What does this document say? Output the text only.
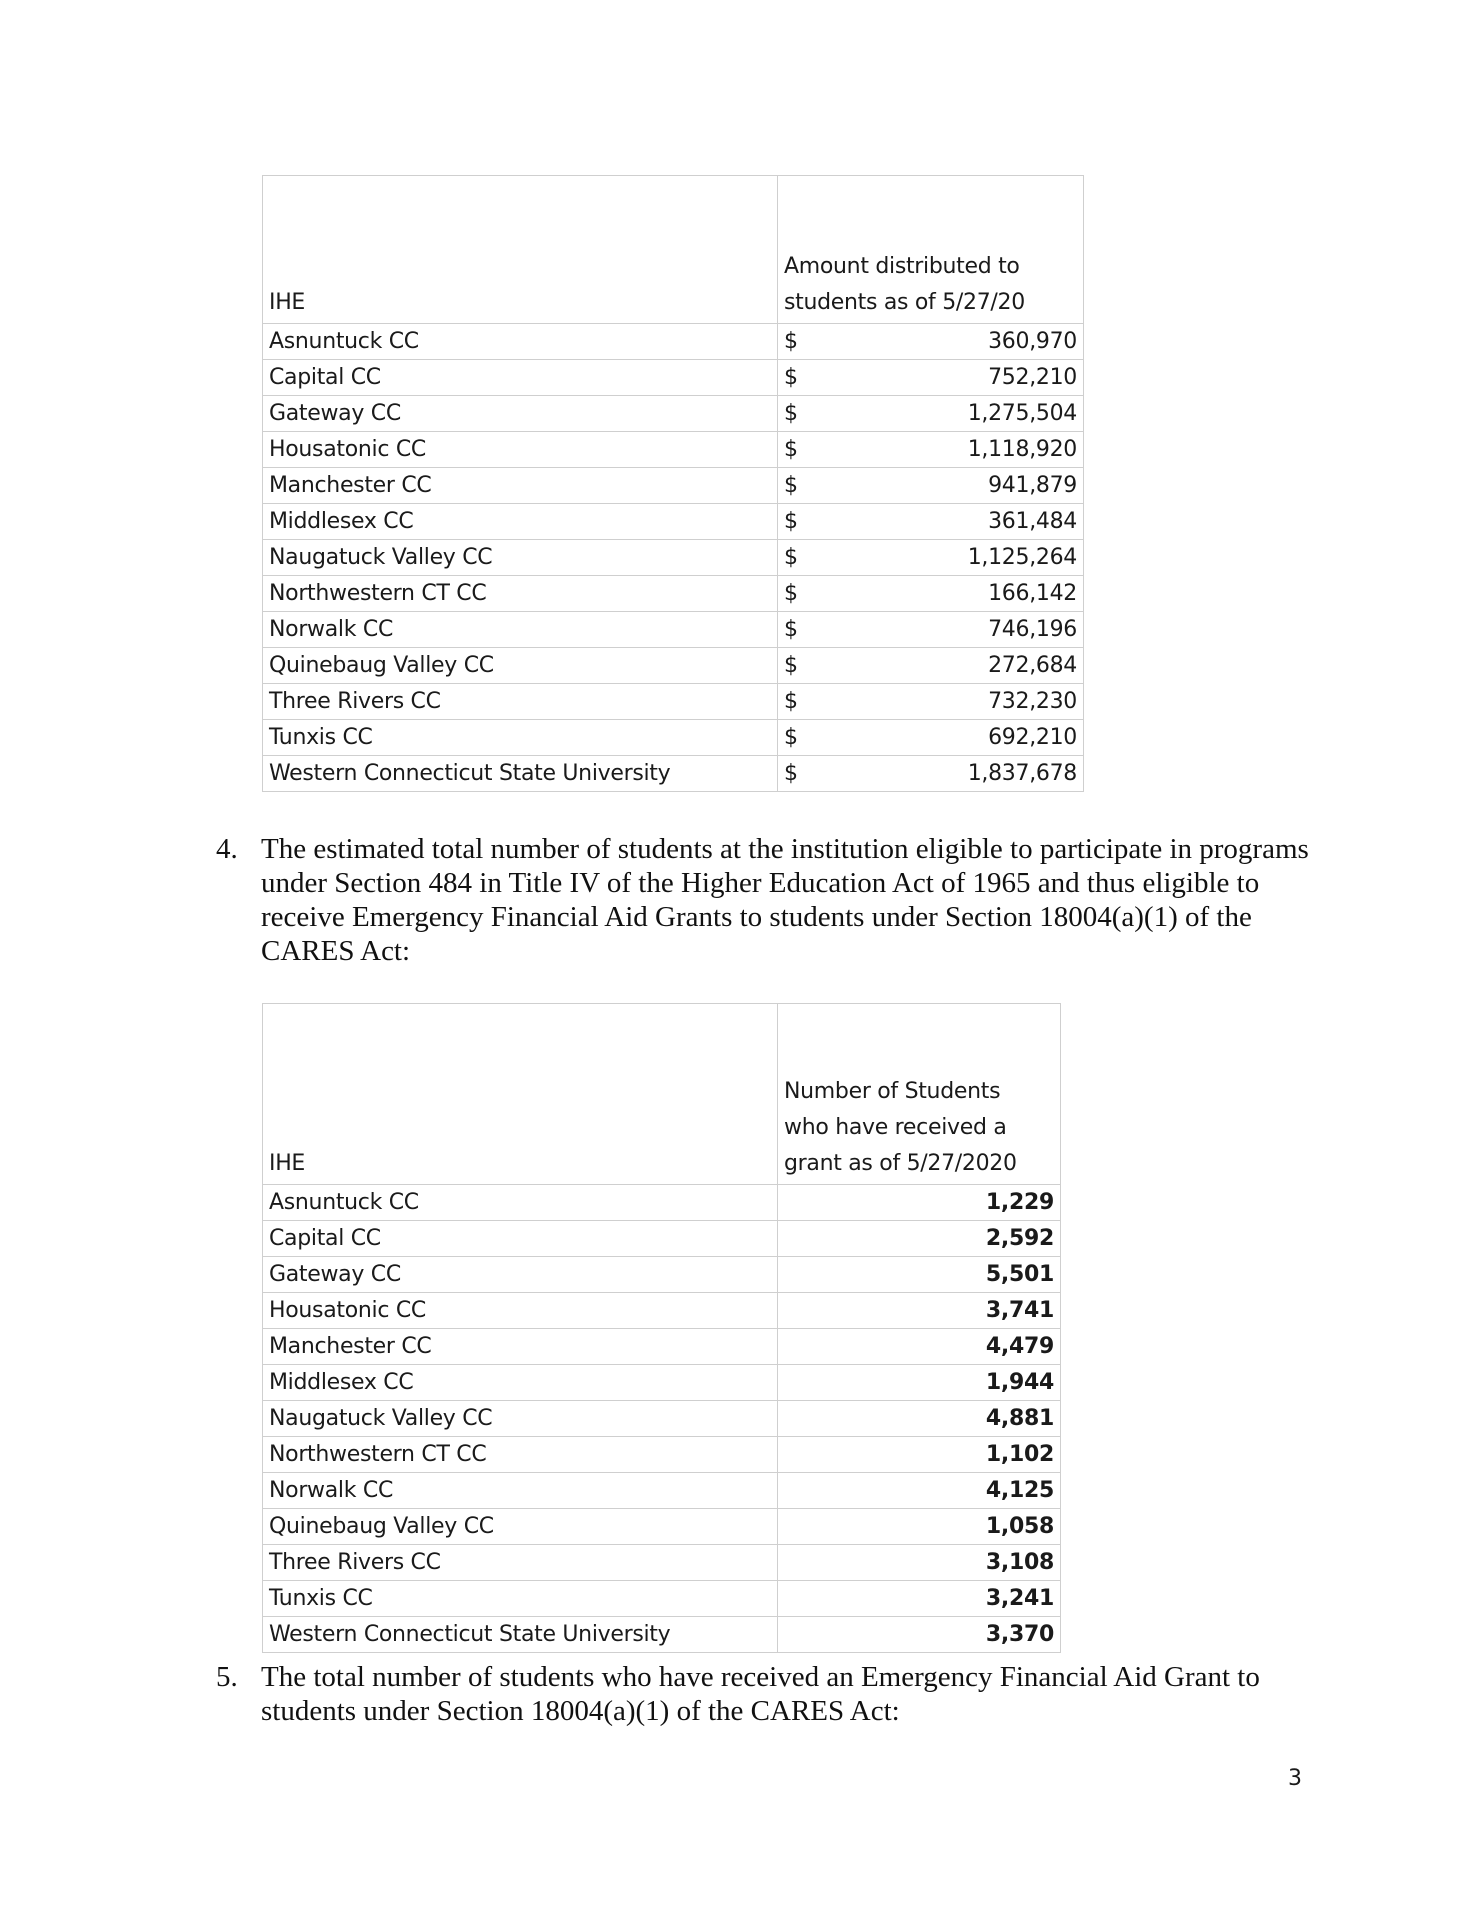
IHE	Amount distributed to
students as of 5/27/20

Asnuntuck CC	$ 360,970

Capital CC	$ 752,210

Gateway CC	$ 1,275,504

Housatonic CC	$ 1,118,920

Manchester CC	$ 941,879

Middlesex CC	$ 361,484

Naugatuck Valley CC	$ 1,125,264

Northwestern CT CC	$ 166,142

Norwalk CC	$ 746,196

Quinebaug Valley CC	$ 272,684

Three Rivers CC	$ 732,230

Tunxis CC	$ 692,210

Western Connecticut State University	$ 1,837,678
4. The estimated total number of students at the institution eligible to participate in programs under Section 484 in Title IV of the Higher Education Act of 1965 and thus eligible to receive Emergency Financial Aid Grants to students under Section 18004(a)(1) of the CARES Act:
IHE	Number of Students
who have received a
grant as of 5/27/2020

Asnuntuck CC	1,229
Capital CC	2,592
Gateway CC	5,501
Housatonic CC	3,741
Manchester CC	4,479
Middlesex CC	1,944
Naugatuck Valley CC	4,881
Northwestern CT CC	1,102
Norwalk CC	4,125
Quinebaug Valley CC	1,058
Three Rivers CC	3,108
Tunxis CC	3,241
Western Connecticut State University	3,370
5. The total number of students who have received an Emergency Financial Aid Grant to students under Section 18004(a)(1) of the CARES Act:
3
